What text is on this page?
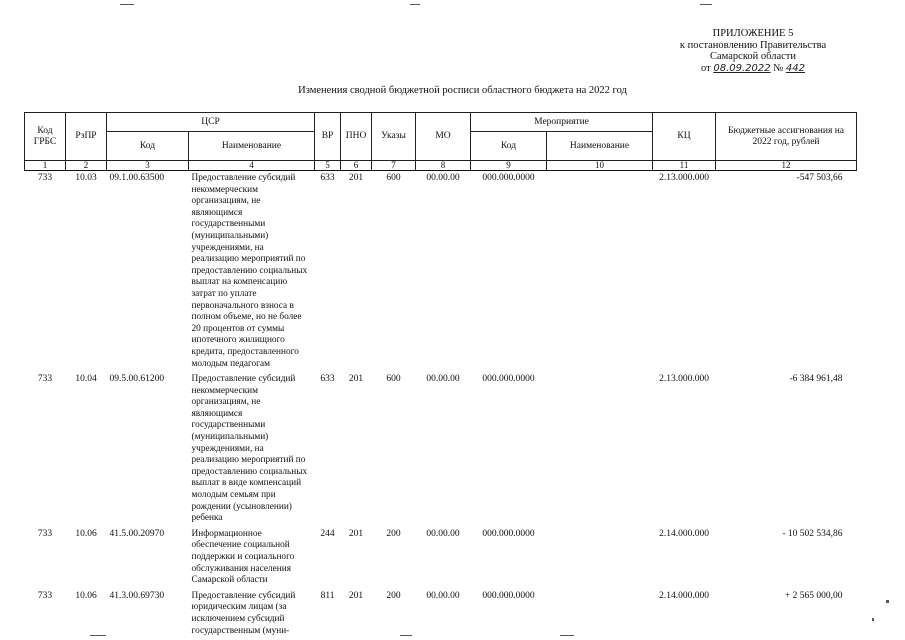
ПРИЛОЖЕНИЕ 5
к постановлению Правительства
Самарской области
от 08.09.2022 № 442
Изменения сводной бюджетной росписи областного бюджета на 2022 год
Код ГРБС	РзПР	ЦСР		ВР	ПНО	Указы	МО	Мероприятие		КЦ	Бюджетные ассигнования на 2022 год, рублей
		Код	Наименование					Код	Наименование		
1	2	3	4	5	6	7	8	9	10	11	12
733	10.03	09.1.00.63500	Предоставление субсидий некоммерческим организациям, не являющимся государственными (муниципальными) учреждениями, на реализацию мероприятий по предоставлению социальных выплат на компенсацию затрат по уплате первоначального взноса в полном объеме, но не более 20 процентов от суммы ипотечного жилищного кредита, предоставленного молодым педагогам	633	201	600	00.00.00	000.000.0000		2.13.000.000	-547 503,66
733	10.04	09.5.00.61200	Предоставление субсидий некоммерческим организациям, не являющимся государственными (муниципальными) учреждениями, на реализацию мероприятий по предоставлению социальных выплат в виде компенсаций молодым семьям при рождении (усыновлении) ребенка	633	201	600	00.00.00	000.000.0000		2.13.000.000	-6 384 961,48
733	10.06	41.5.00.20970	Информационное обеспечение социальной поддержки и социального обслуживания населения Самарской области	244	201	200	00.00.00	000.000.0000		2.14.000.000	- 10 502 534,86
733	10.06	41.3.00.69730	Предоставление субсидий юридическим лицам (за исключением субсидий государственным (муни-	811	201	200	00.00.00	000.000.0000		2.14.000.000	+ 2 565 000,00
